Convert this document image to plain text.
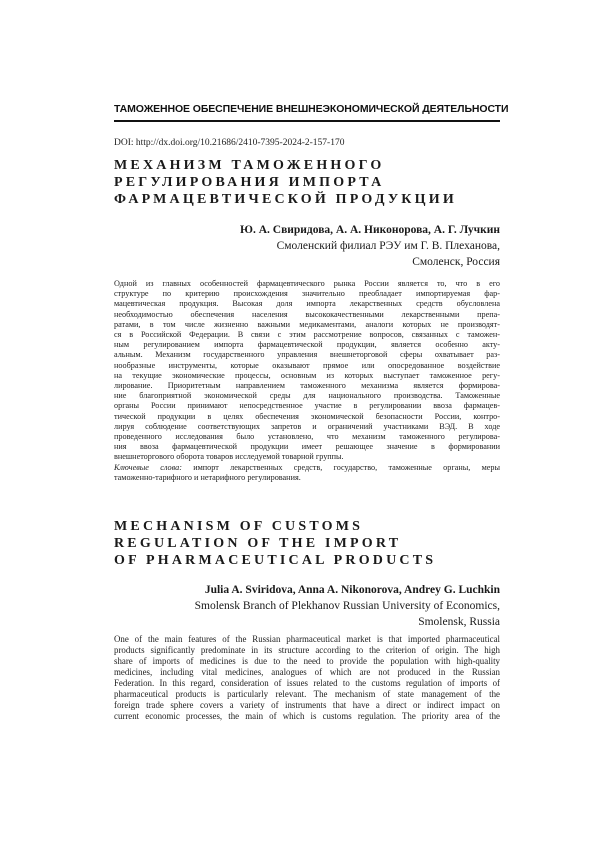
ТАМОЖЕННОЕ ОБЕСПЕЧЕНИЕ ВНЕШНЕЭКОНОМИЧЕСКОЙ ДЕЯТЕЛЬНОСТИ
DOI: http://dx.doi.org/10.21686/2410-7395-2024-2-157-170
МЕХАНИЗМ ТАМОЖЕННОГО
РЕГУЛИРОВАНИЯ ИМПОРТА
ФАРМАЦЕВТИЧЕСКОЙ ПРОДУКЦИИ
Ю. А. Свиридова, А. А. Никонорова, А. Г. Лучкин
Смоленский филиал РЭУ им Г. В. Плеханова,
Смоленск, Россия
Одной из главных особенностей фармацевтического рынка России является то, что в его
структуре по критерию происхождения значительно преобладает импортируемая фар-
мацевтическая продукция. Высокая доля импорта лекарственных средств обусловлена
необходимостью обеспечения населения высококачественными лекарственными препа-
ратами, в том числе жизненно важными медикаментами, аналоги которых не производят-
ся в Российской Федерации. В связи с этим рассмотрение вопросов, связанных с таможен-
ным регулированием импорта фармацевтической продукции, является особенно акту-
альным. Механизм государственного управления внешнеторговой сферы охватывает раз-
нообразные инструменты, которые оказывают прямое или опосредованное воздействие
на текущие экономические процессы, основным из которых выступает таможенное регу-
лирование. Приоритетным направлением таможенного механизма является формирова-
ние благоприятной экономической среды для национального производства. Таможенные
органы России принимают непосредственное участие в регулировании ввоза фармацев-
тической продукции в целях обеспечения экономической безопасности России, контро-
лируя соблюдение соответствующих запретов и ограничений участниками ВЭД. В ходе
проведенного исследования было установлено, что механизм таможенного регулирова-
ния ввоза фармацевтической продукции имеет решающее значение в формировании
внешнеторгового оборота товаров исследуемой товарной группы.
Ключевые слова: импорт лекарственных средств, государство, таможенные органы, меры
таможенно-тарифного и нетарифного регулирования.
MECHANISM OF CUSTOMS
REGULATION OF THE IMPORT
OF PHARMACEUTICAL PRODUCTS
Julia A. Sviridova, Anna A. Nikonorova, Andrey G. Luchkin
Smolensk Branch of Plekhanov Russian University of Economics,
Smolensk, Russia
One of the main features of the Russian pharmaceutical market is that imported pharmaceutical
products significantly predominate in its structure according to the criterion of origin. The high
share of imports of medicines is due to the need to provide the population with high-quality
medicines, including vital medicines, analogues of which are not produced in the Russian
Federation. In this regard, consideration of issues related to the customs regulation of imports of
pharmaceutical products is particularly relevant. The mechanism of state management of the
foreign trade sphere covers a variety of instruments that have a direct or indirect impact on
current economic processes, the main of which is customs regulation. The priority area of the
